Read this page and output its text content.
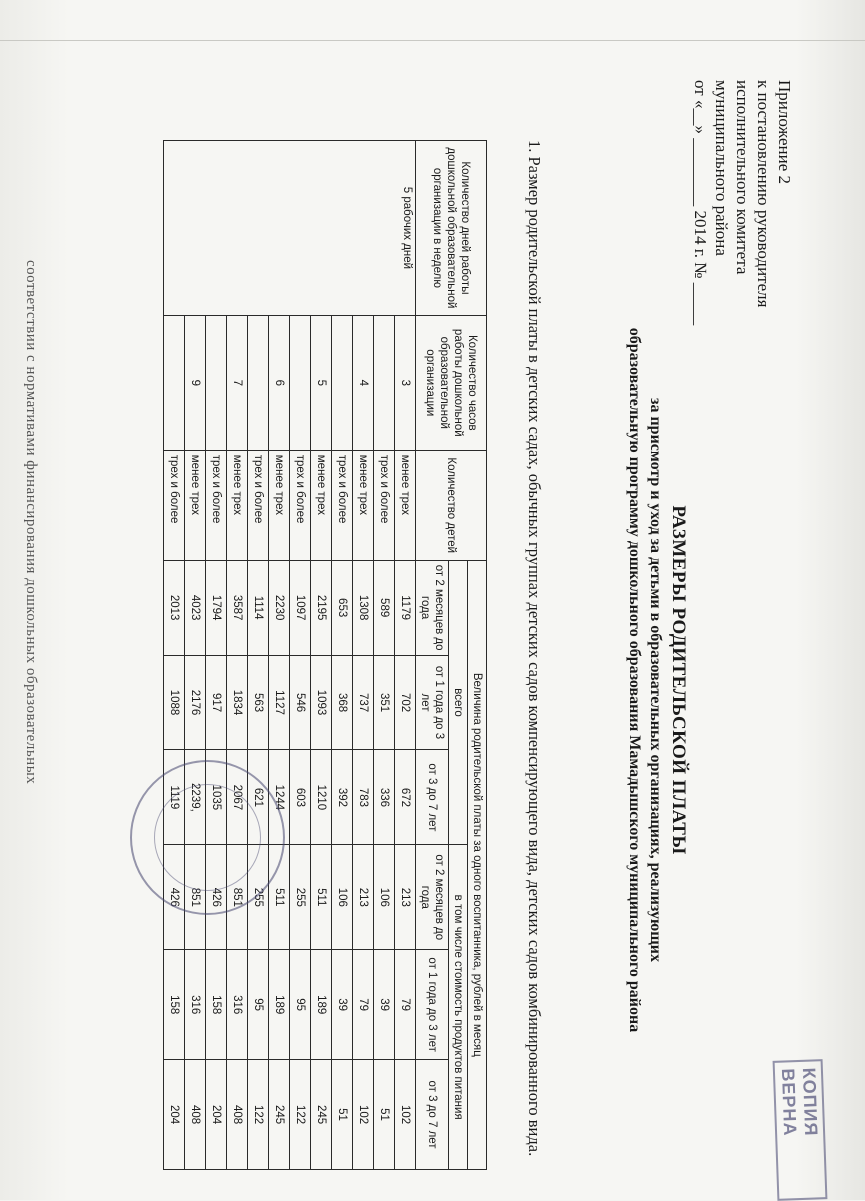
Приложение 2
к постановлению руководителя
исполнительного комитета
муниципального района
от «__» ________ 2014 г. № _____
КОПИЯ ВЕРНА
РАЗМЕРЫ РОДИТЕЛЬСКОЙ ПЛАТЫ
за присмотр и уход за детьми в образовательных организациях, реализующих
образовательную программу дошкольного образования Мамадышского муниципального района
1. Размер родительской платы в детских садах, обычных группах детских садов компенсирующего вида, детских садов комбинированного вида.
Количество дней работы дошкольной образовательной организации в неделю	Количество часов работы дошкольной образовательной организации	Количество детей	Величина родительской платы за одного воспитанника, рублей в месяц					
			всего			в том числе стоимость продуктов питания		
			от 2 месяцев до года	от 1 года до 3 лет	от 3 до 7 лет	от 2 месяцев до года	от 1 года до 3 лет	от 3 до 7 лет
5 рабочих дней	3	менее трех	1179	702	672	213	79	102
		трех и более	589	351	336	106	39	51
	4	менее трех	1308	737	783	213	79	102
		трех и более	653	368	392	106	39	51
	5	менее трех	2195	1093	1210	511	189	245
		трех и более	1097	546	603	255	95	122
	6	менее трех	2230	1127	1244	511	189	245
		трех и более	1114	563	621	255	95	122
	7	менее трех	3587	1834	2067	851	316	408
		трех и более	1794	917	1035	426	158	204
	9	менее трех	4023	2176	2239,	851	316	408
		трех и более	2013	1088	1119	426	158	204
соответствии с нормативами финансирования дошкольных образовательных
